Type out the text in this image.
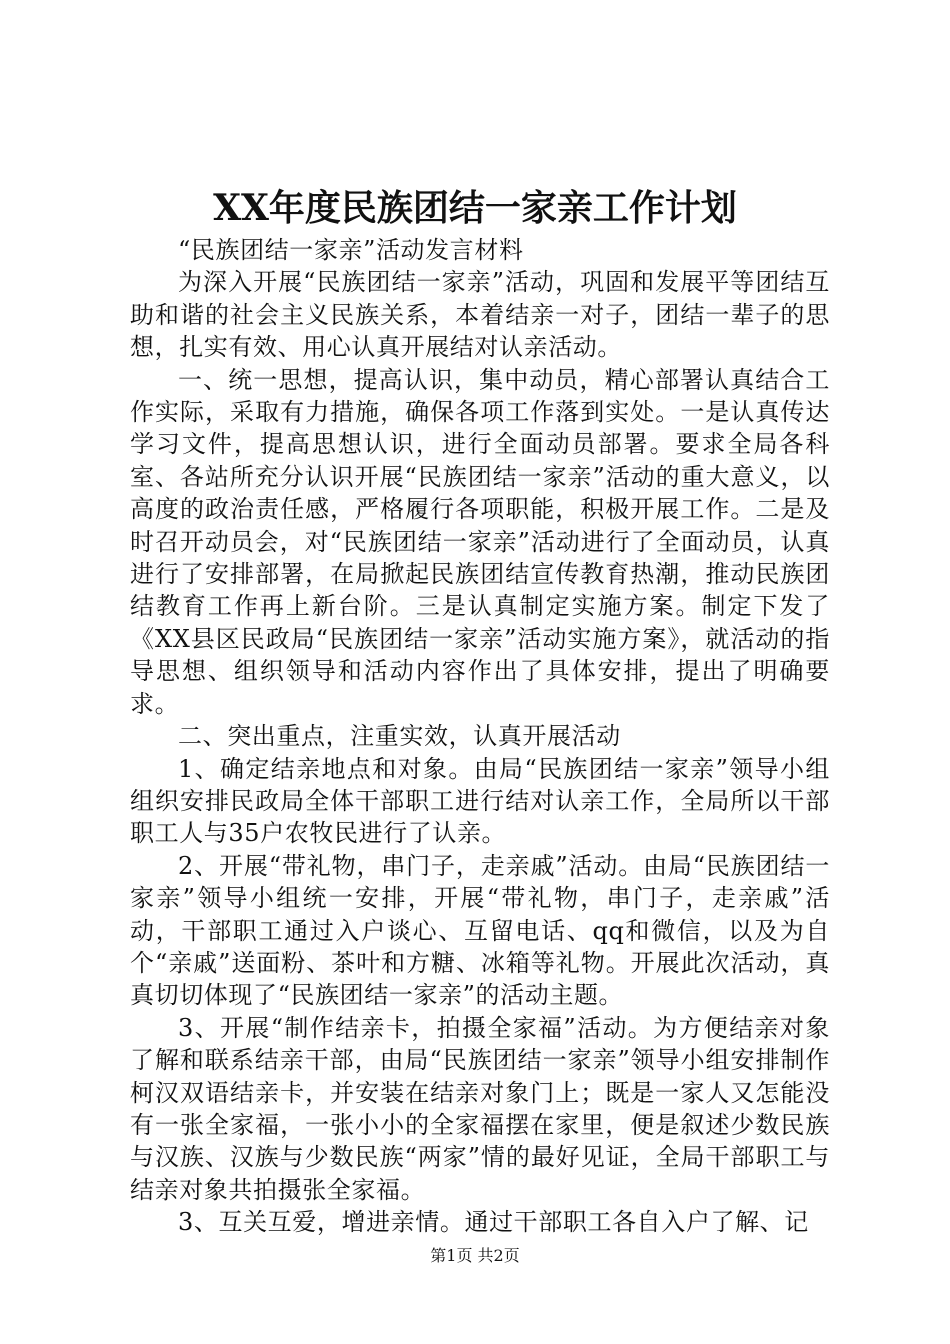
XX年度民族团结一家亲工作计划

“民族团结一家亲”活动发言材料

为深入开展“民族团结一家亲”活动，巩固和发展平等团结互助和谐的社会主义民族关系，本着结亲一对子，团结一辈子的思想，扎实有效、用心认真开展结对认亲活动。

一、统一思想，提高认识，集中动员，精心部署认真结合工作实际，采取有力措施，确保各项工作落到实处。一是认真传达学习文件，提高思想认识，进行全面动员部署。要求全局各科室、各站所充分认识开展“民族团结一家亲”活动的重大意义，以高度的政治责任感，严格履行各项职能，积极开展工作。二是及时召开动员会，对“民族团结一家亲”活动进行了全面动员，认真进行了安排部署，在局掀起民族团结宣传教育热潮，推动民族团结教育工作再上新台阶。三是认真制定实施方案。制定下发了《XX县区民政局“民族团结一家亲”活动实施方案》，就活动的指导思想、组织领导和活动内容作出了具体安排，提出了明确要求。

二、突出重点，注重实效，认真开展活动

1、确定结亲地点和对象。由局“民族团结一家亲”领导小组组织安排民政局全体干部职工进行结对认亲工作，全局所以干部职工人与35户农牧民进行了认亲。

2、开展“带礼物，串门子，走亲戚”活动。由局“民族团结一家亲”领导小组统一安排，开展“带礼物，串门子，走亲戚”活动，干部职工通过入户谈心、互留电话、qq和微信，以及为自个“亲戚”送面粉、茶叶和方糖、冰箱等礼物。开展此次活动，真真切切体现了“民族团结一家亲”的活动主题。

3、开展“制作结亲卡，拍摄全家福”活动。为方便结亲对象了解和联系结亲干部，由局“民族团结一家亲”领导小组安排制作柯汉双语结亲卡，并安装在结亲对象门上；既是一家人又怎能没有一张全家福，一张小小的全家福摆在家里，便是叙述少数民族与汉族、汉族与少数民族“两家”情的最好见证，全局干部职工与结亲对象共拍摄张全家福。

3、互关互爱，增进亲情。通过干部职工各自入户了解、记

第1页 共2页
